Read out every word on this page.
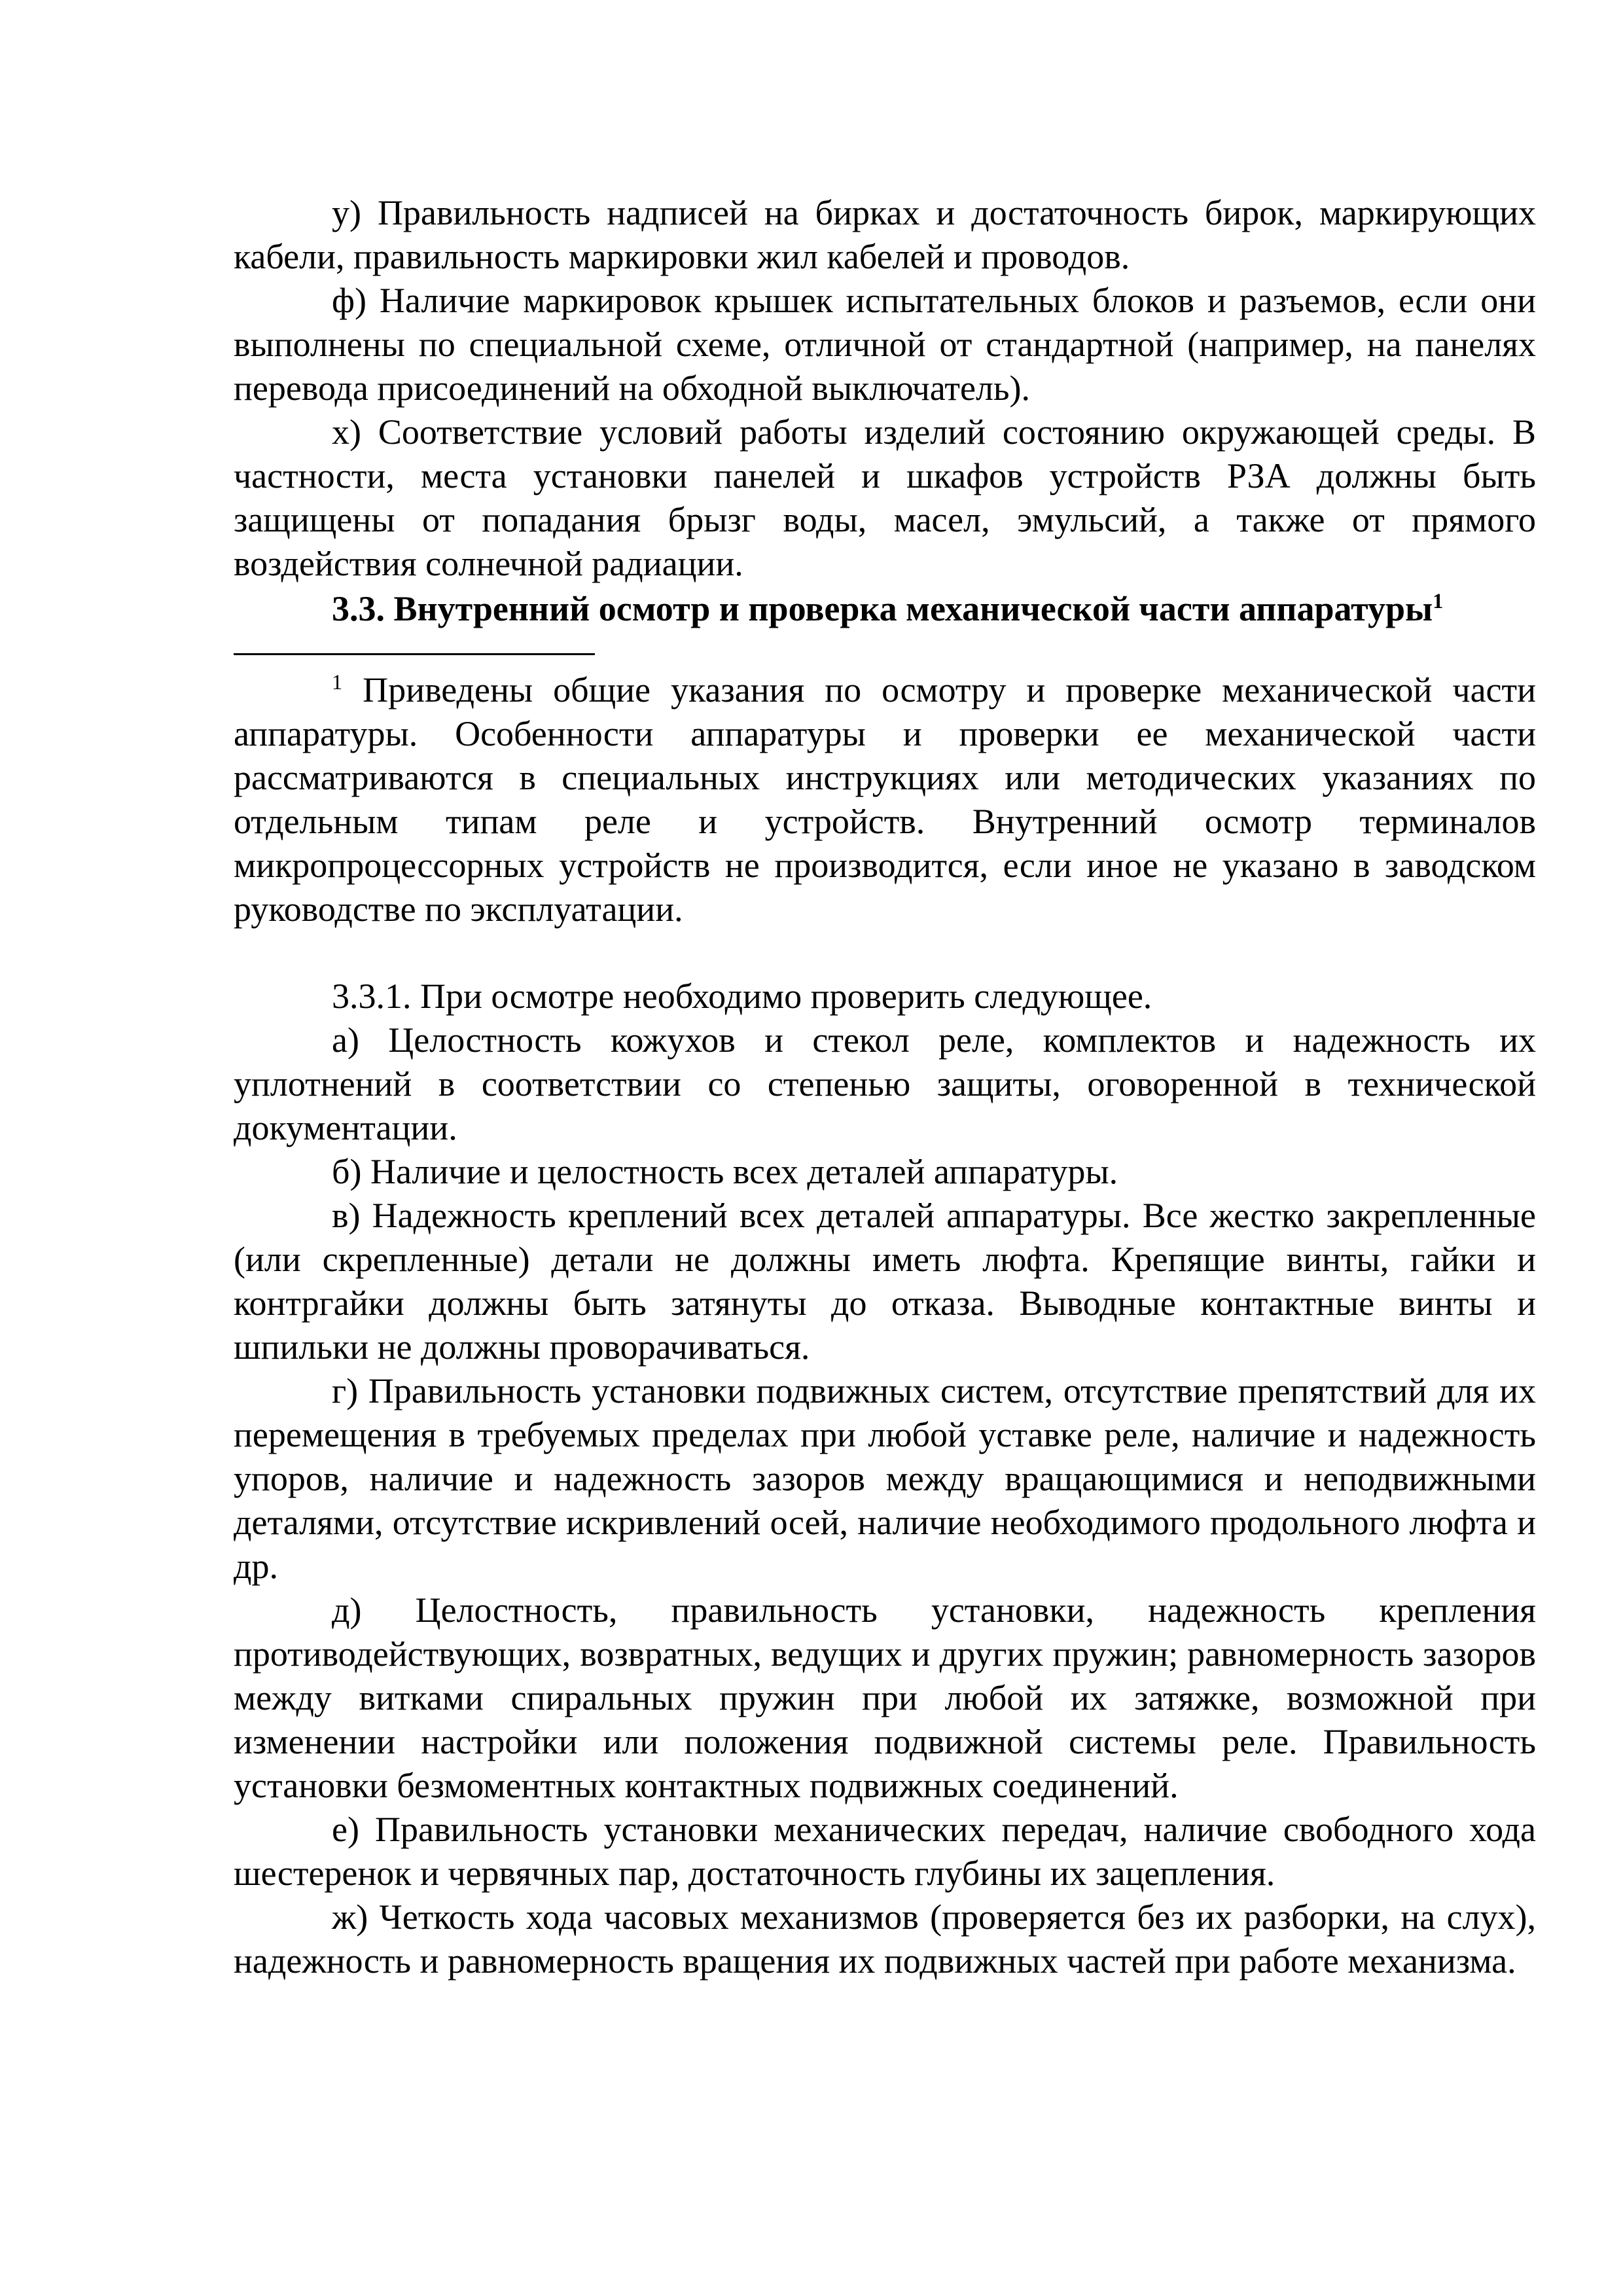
у) Правильность надписей на бирках и достаточность бирок, маркирующих кабели, правильность маркировки жил кабелей и проводов.

ф) Наличие маркировок крышек испытательных блоков и разъемов, если они выполнены по специальной схеме, отличной от стандартной (например, на панелях перевода присоединений на обходной выключатель).

х) Соответствие условий работы изделий состоянию окружающей среды. В частности, места установки панелей и шкафов устройств РЗА должны быть защищены от попадания брызг воды, масел, эмульсий, а также от прямого воздействия солнечной радиации.

3.3. Внутренний осмотр и проверка механической части аппаратуры$^1$

$^1$ Приведены общие указания по осмотру и проверке механической части аппаратуры. Особенности аппаратуры и проверки ее механической части рассматриваются в специальных инструкциях или методических указаниях по отдельным типам реле и устройств. Внутренний осмотр терминалов микропроцессорных устройств не производится, если иное не указано в заводском руководстве по эксплуатации.

3.3.1. При осмотре необходимо проверить следующее.

а) Целостность кожухов и стекол реле, комплектов и надежность их уплотнений в соответствии со степенью защиты, оговоренной в технической документации.

б) Наличие и целостность всех деталей аппаратуры.

в) Надежность креплений всех деталей аппаратуры. Все жестко закрепленные (или скрепленные) детали не должны иметь люфта. Крепящие винты, гайки и контргайки должны быть затянуты до отказа. Выводные контактные винты и шпильки не должны проворачиваться.

г) Правильность установки подвижных систем, отсутствие препятствий для их перемещения в требуемых пределах при любой уставке реле, наличие и надежность упоров, наличие и надежность зазоров между вращающимися и неподвижными деталями, отсутствие искривлений осей, наличие необходимого продольного люфта и др.

д) Целостность, правильность установки, надежность крепления противодействующих, возвратных, ведущих и других пружин; равномерность зазоров между витками спиральных пружин при любой их затяжке, возможной при изменении настройки или положения подвижной системы реле. Правильность установки безмоментных контактных подвижных соединений.

е) Правильность установки механических передач, наличие свободного хода шестеренок и червячных пар, достаточность глубины их зацепления.

ж) Четкость хода часовых механизмов (проверяется без их разборки, на слух), надежность и равномерность вращения их подвижных частей при работе механизма.
